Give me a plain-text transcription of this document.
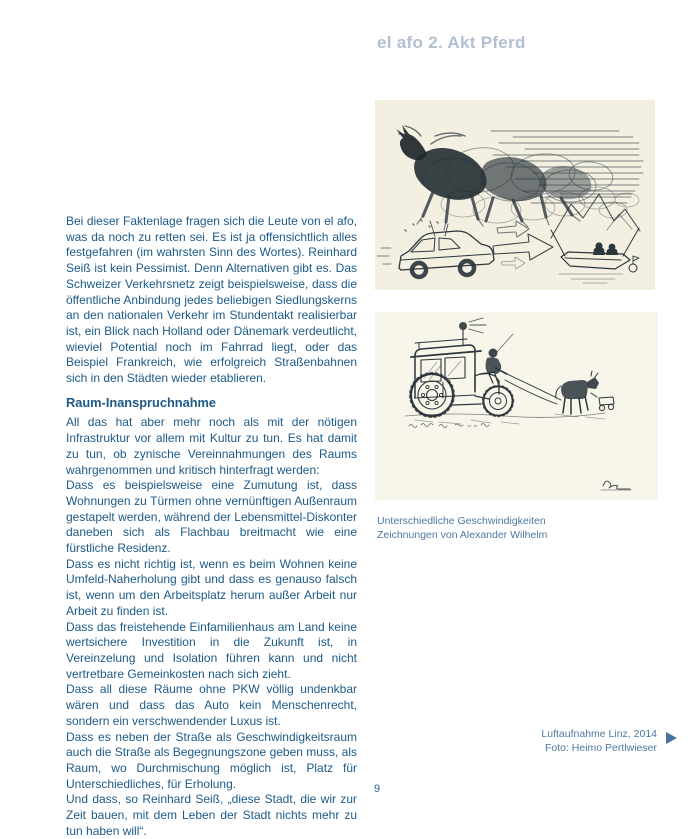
el afo 2. Akt Pferd

Bei dieser Faktenlage fragen sich die Leute von el afo, was da noch zu retten sei. Es ist ja offensichtlich alles festgefahren (im wahrsten Sinn des Wortes). Reinhard Seiß ist kein Pessimist. Denn Alternativen gibt es. Das Schweizer Verkehrsnetz zeigt beispielsweise, dass die öffentliche Anbindung jedes beliebigen Siedlungskerns an den nationalen Verkehr im Stundentakt realisierbar ist, ein Blick nach Holland oder Dänemark verdeutlicht, wieviel Potential noch im Fahrrad liegt, oder das Beispiel Frankreich, wie erfolgreich Straßenbahnen sich in den Städten wieder etablieren.

Raum-Inanspruchnahme

All das hat aber mehr noch als mit der nötigen Infrastruktur vor allem mit Kultur zu tun. Es hat damit zu tun, ob zynische Vereinnahmungen des Raums wahrgenommen und kritisch hinterfragt werden:

Dass es beispielsweise eine Zumutung ist, dass Wohnungen zu Türmen ohne vernünftigen Außenraum gestapelt werden, während der Lebensmittel-Diskonter daneben sich als Flachbau breitmacht wie eine fürstliche Residenz.

Dass es nicht richtig ist, wenn es beim Wohnen keine Umfeld-Naherholung gibt und dass es genauso falsch ist, wenn um den Arbeitsplatz herum außer Arbeit nur Arbeit zu finden ist.

Dass das freistehende Einfamilienhaus am Land keine wertsichere Investition in die Zukunft ist, in Vereinzelung und Isolation führen kann und nicht vertretbare Gemeinkosten nach sich zieht.

Dass all diese Räume ohne PKW völlig undenkbar wären und dass das Auto kein Menschenrecht, sondern ein verschwendender Luxus ist.

Dass es neben der Straße als Geschwindigkeitsraum auch die Straße als Begegnungszone geben muss, als Raum, wo Durchmischung möglich ist, Platz für Unterschiedliches, für Erholung.

Und dass, so Reinhard Seiß, „diese Stadt, die wir zur Zeit bauen, mit dem Leben der Stadt nichts mehr zu tun haben will“.

Unterschiedliche Geschwindigkeiten
Zeichnungen von Alexander Wilhelm
Luftaufnahme Linz, 2014
Foto: Heimo Pertlwieser
9
